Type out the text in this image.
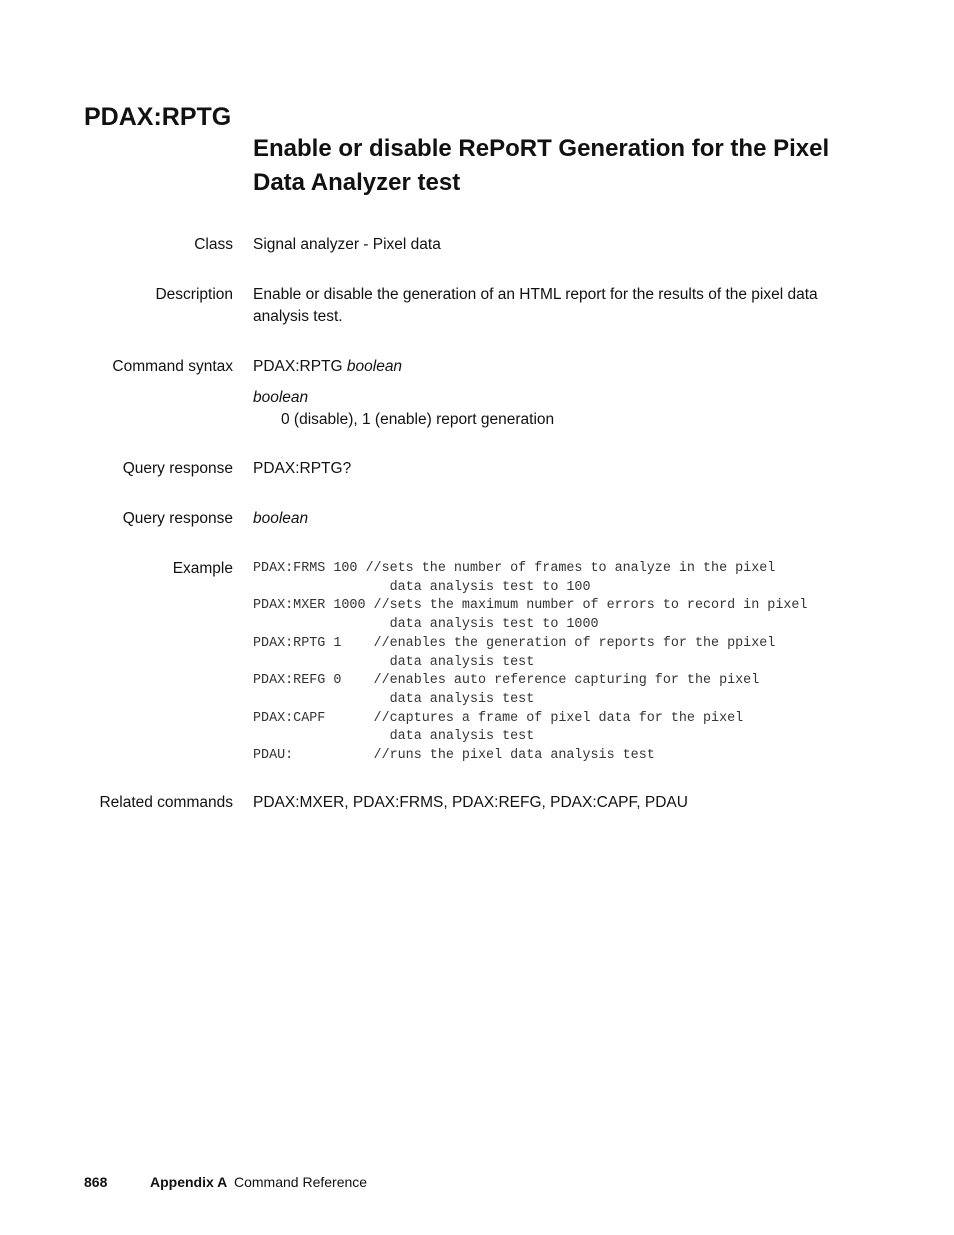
PDAX:RPTG
Enable or disable RePoRT Generation for the Pixel Data Analyzer test
Class Signal analyzer - Pixel data
Description Enable or disable the generation of an HTML report for the results of the pixel data analysis test.
Command syntax PDAX:RPTG boolean
boolean
0 (disable), 1 (enable) report generation
Query response PDAX:RPTG?
Query response boolean
Example PDAX:FRMS 100 //sets the number of frames to analyze in the pixel
data analysis test to 100
PDAX:MXER 1000 //sets the maximum number of errors to record in pixel
data analysis test to 1000
PDAX:RPTG 1    //enables the generation of reports for the ppixel
data analysis test
PDAX:REFG 0    //enables auto reference capturing for the pixel
data analysis test
PDAX:CAPF      //captures a frame of pixel data for the pixel
data analysis test
PDAU:          //runs the pixel data analysis test
Related commands PDAX:MXER, PDAX:FRMS, PDAX:REFG, PDAX:CAPF, PDAU
868	Appendix A Command Reference
